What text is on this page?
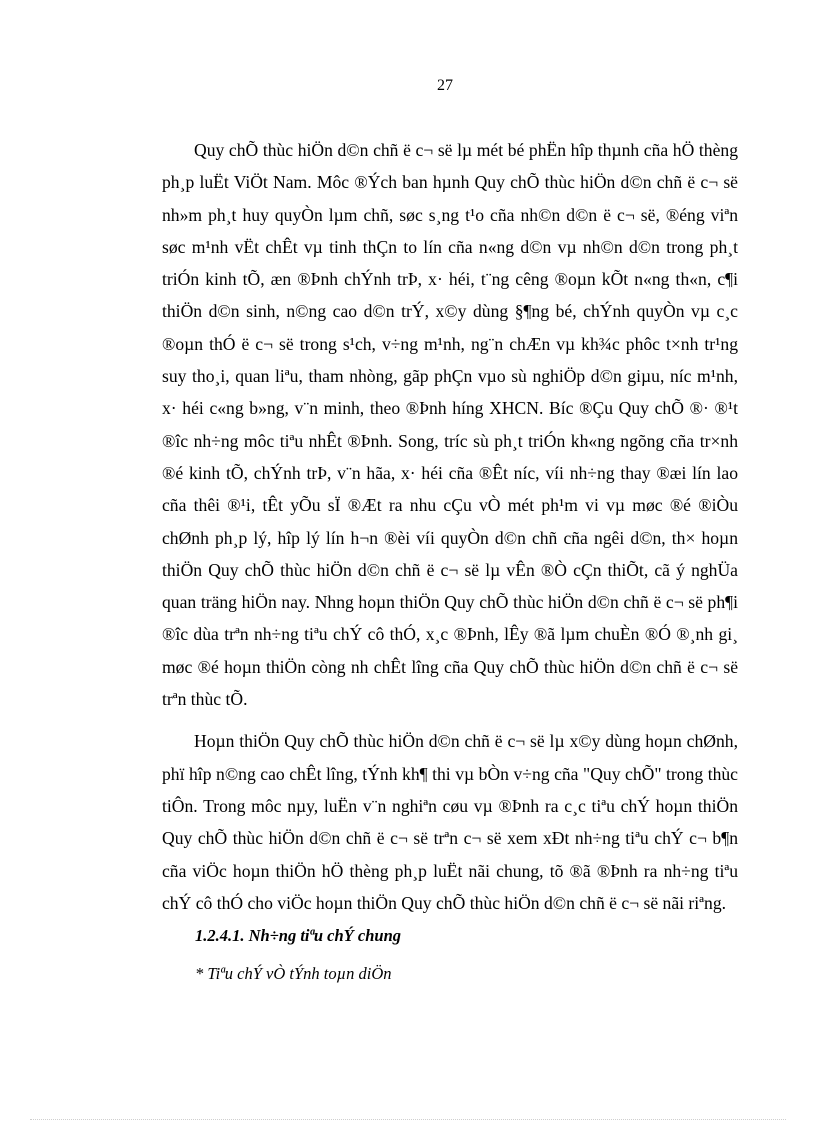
27

Quy chÕ thùc hiÖn d©n chñ ë c¬ së lµ mét bé phËn hîp thµnh cña hÖ thèng ph¸p luËt ViÖt Nam. Môc ®Ých ban hµnh Quy chÕ thùc hiÖn d©n chñ ë c¬ së nh»m ph¸t huy quyÒn lµm chñ, søc s¸ng t¹o cña nh©n d©n ë c¬ së, ®éng viªn søc m¹nh vËt chÊt vµ tinh thÇn to lín cña n«ng d©n vµ nh©n d©n trong ph¸t triÓn kinh tÕ, æn ®Þnh chÝnh trÞ, x· héi, t¨ng cêng ®oµn kÕt n«ng th«n, c¶i thiÖn d©n sinh, n©ng cao d©n trÝ, x©y dùng §¶ng bé, chÝnh quyÒn vµ c¸c ®oµn thÓ ë c¬ së trong s¹ch, v÷ng m¹nh, ng¨n chÆn vµ kh¾c phôc t×nh tr¹ng suy tho¸i, quan liªu, tham nhòng, gãp phÇn vµo sù nghiÖp d©n giµu, níc m¹nh, x· héi c«ng b»ng, v¨n minh, theo ®Þnh híng XHCN. Bíc ®Çu Quy chÕ ®· ®¹t ®îc nh÷ng môc tiªu nhÊt ®Þnh. Song, tríc sù ph¸t triÓn kh«ng ngõng cña tr×nh ®é kinh tÕ, chÝnh trÞ, v¨n hãa, x· héi cña ®Êt níc, víi nh÷ng thay ®æi lín lao cña thêi ®¹i, tÊt yÕu sÏ ®Æt ra nhu cÇu vÒ mét ph¹m vi vµ møc ®é ®iÒu chØnh ph¸p lý, hîp lý lín h¬n ®èi víi quyÒn d©n chñ cña ngêi d©n, th× hoµn thiÖn Quy chÕ thùc hiÖn d©n chñ ë c¬ së lµ vÊn ®Ò cÇn thiÕt, cã ý nghÜa quan träng hiÖn nay. Nhng hoµn thiÖn Quy chÕ thùc hiÖn d©n chñ ë c¬ së ph¶i ®îc dùa trªn nh÷ng tiªu chÝ cô thÓ, x¸c ®Þnh, lÊy ®ã lµm chuÈn ®Ó ®¸nh gi¸ møc ®é hoµn thiÖn còng nh chÊt lîng cña Quy chÕ thùc hiÖn d©n chñ ë c¬ së trªn thùc tÕ.

Hoµn thiÖn Quy chÕ thùc hiÖn d©n chñ ë c¬ së lµ x©y dùng hoµn chØnh, phï hîp n©ng cao chÊt lîng, tÝnh kh¶ thi vµ bÒn v÷ng cña "Quy chÕ" trong thùc tiÔn. Trong môc nµy, luËn v¨n nghiªn cøu vµ ®Þnh ra c¸c tiªu chÝ hoµn thiÖn Quy chÕ thùc hiÖn d©n chñ ë c¬ së trªn c¬ së xem xÐt nh÷ng tiªu chÝ c¬ b¶n cña viÖc hoµn thiÖn hÖ thèng ph¸p luËt nãi chung, tõ ®ã ®Þnh ra nh÷ng tiªu chÝ cô thÓ cho viÖc hoµn thiÖn Quy chÕ thùc hiÖn d©n chñ ë c¬ së nãi riªng.

1.2.4.1. Nh÷ng tiªu chÝ chung
* Tiªu chÝ vÒ tÝnh toµn diÖn
